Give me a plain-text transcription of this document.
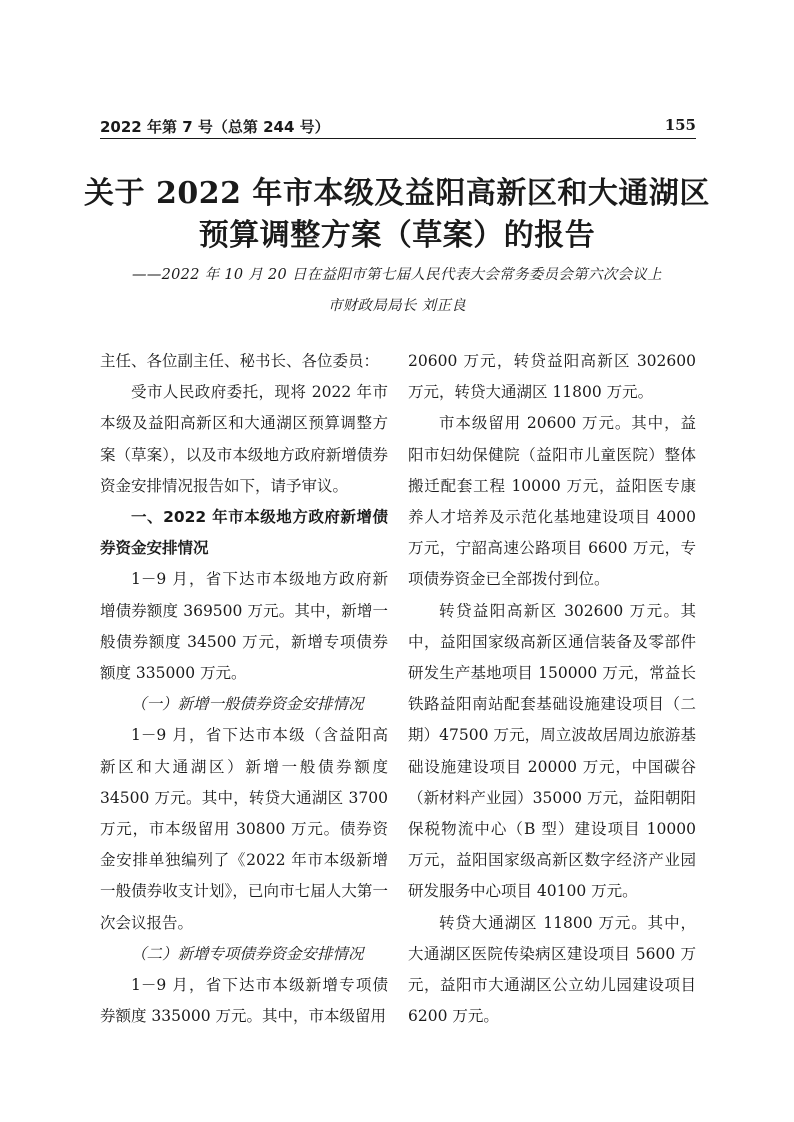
2022 年第 7 号（总第 244 号）	155
关于 2022 年市本级及益阳高新区和大通湖区
预算调整方案（草案）的报告
——2022 年 10 月 20 日在益阳市第七届人民代表大会常务委员会第六次会议上
市财政局局长 刘正良

主任、各位副主任、秘书长、各位委员：

受市人民政府委托，现将 2022 年市本级及益阳高新区和大通湖区预算调整方案（草案），以及市本级地方政府新增债券资金安排情况报告如下，请予审议。

一、2022 年市本级地方政府新增债券资金安排情况

1－9 月，省下达市本级地方政府新增债券额度 369500 万元。其中，新增一般债券额度 34500 万元，新增专项债券额度 335000 万元。

（一）新增一般债券资金安排情况

1－9 月，省下达市本级（含益阳高新区和大通湖区）新增一般债券额度 34500 万元。其中，转贷大通湖区 3700 万元，市本级留用 30800 万元。债券资金安排单独编列了《2022 年市本级新增一般债券收支计划》，已向市七届人大第一次会议报告。

（二）新增专项债券资金安排情况

1－9 月，省下达市本级新增专项债券额度 335000 万元。其中，市本级留用

20600 万元，转贷益阳高新区 302600 万元，转贷大通湖区 11800 万元。

市本级留用 20600 万元。其中，益阳市妇幼保健院（益阳市儿童医院）整体搬迁配套工程 10000 万元，益阳医专康养人才培养及示范化基地建设项目 4000 万元，宁韶高速公路项目 6600 万元，专项债券资金已全部拨付到位。

转贷益阳高新区 302600 万元。其中，益阳国家级高新区通信装备及零部件研发生产基地项目 150000 万元，常益长铁路益阳南站配套基础设施建设项目（二期）47500 万元，周立波故居周边旅游基础设施建设项目 20000 万元，中国碳谷（新材料产业园）35000 万元，益阳朝阳保税物流中心（B 型）建设项目 10000 万元，益阳国家级高新区数字经济产业园研发服务中心项目 40100 万元。

转贷大通湖区 11800 万元。其中，大通湖区医院传染病区建设项目 5600 万元，益阳市大通湖区公立幼儿园建设项目 6200 万元。
